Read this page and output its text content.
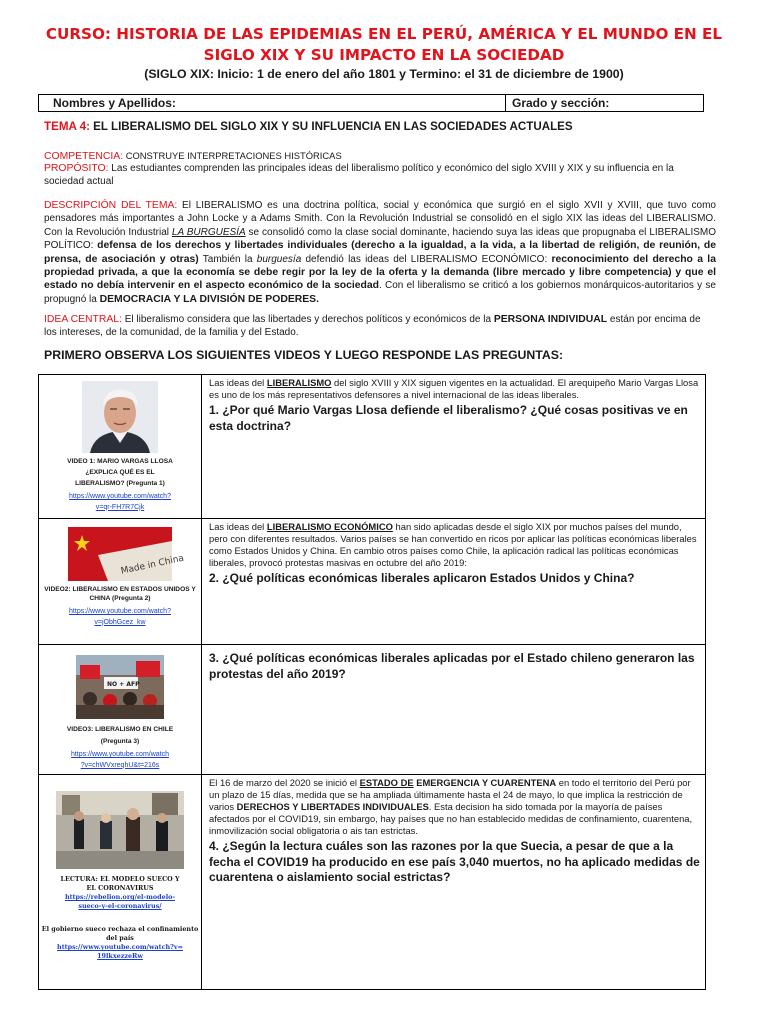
CURSO: HISTORIA DE LAS EPIDEMIAS EN EL PERÚ, AMÉRICA Y EL MUNDO EN EL SIGLO XIX Y SU IMPACTO EN LA SOCIEDAD
(SIGLO XIX: Inicio: 1 de enero del año 1801 y Termino: el 31 de diciembre de 1900)
Nombres y Apellidos:	Grado y sección:
TEMA 4: EL LIBERALISMO DEL SIGLO XIX Y SU INFLUENCIA EN LAS SOCIEDADES ACTUALES
COMPETENCIA: CONSTRUYE INTERPRETACIONES HISTÓRICAS
PROPÓSITO: Las estudiantes comprenden las principales ideas del liberalismo político y económico del siglo XVIII y XIX y su influencia en la sociedad actual
DESCRIPCIÓN DEL TEMA: El LIBERALISMO es una doctrina política, social y económica que surgió en el siglo XVII y XVIII, que tuvo como pensadores más importantes a John Locke y a Adams Smith. Con la Revolución Industrial se consolidó en el siglo XIX las ideas del LIBERALISMO. Con la Revolución Industrial LA BURGUESÍA se consolidó como la clase social dominante, haciendo suya las ideas que propugnaba el LIBERALISMO POLÍTICO: defensa de los derechos y libertades individuales (derecho a la igualdad, a la vida, a la libertad de religión, de reunión, de prensa, de asociación y otras) También la burguesía defendió las ideas del LIBERALISMO ECONÓMICO: reconocimiento del derecho a la propiedad privada, a que la economía se debe regir por la ley de la oferta y la demanda (libre mercado y libre competencia) y que el estado no debía intervenir en el aspecto económico de la sociedad. Con el liberalismo se criticó a los gobiernos monárquicos-autoritarios y se propugnó la DEMOCRACIA Y LA DIVISIÓN DE PODERES.
IDEA CENTRAL: El liberalismo considera que las libertades y derechos políticos y económicos de la PERSONA INDIVIDUAL están por encima de los intereses, de la comunidad, de la familia y del Estado.
PRIMERO OBSERVA LOS SIGUIENTES VIDEOS Y LUEGO RESPONDE LAS PREGUNTAS:
VIDEO 1: MARIO VARGAS LLOSA
¿EXPLICA QUÉ ES EL
LIBERALISMO? (Pregunta 1)
https://www.youtube.com/watch?
v=qr-FH7R7Cjk
Las ideas del LIBERALISMO del siglo XVIII y XIX siguen vigentes en la actualidad. El arequipeño Mario Vargas Llosa es uno de los más representativos defensores a nivel internacional de las ideas liberales.
1. ¿Por qué Mario Vargas Llosa defiende el liberalismo? ¿Qué cosas positivas ve en esta doctrina?
Made in China
VIDEO2: LIBERALISMO EN ESTADOS UNIDOS Y
CHINA (Pregunta 2)
https://www.youtube.com/watch?
v=jObhGcez_kw
Las ideas del LIBERALISMO ECONÓMICO han sido aplicadas desde el siglo XIX por muchos países del mundo, pero con diferentes resultados. Varios países se han convertido en ricos por aplicar las políticas económicas liberales como Estados Unidos y China. En cambio otros países como Chile, la aplicación radical las políticas económicas liberales, provocó protestas masivas en octubre del año 2019:
2. ¿Qué políticas económicas liberales aplicaron Estados Unidos y China?
NO + AFP
VIDEO3: LIBERALISMO EN CHILE
(Pregunta 3)
https://www.youtube.com/watch
?v=chWVxreqhU&t=216s
3. ¿Qué políticas económicas liberales aplicadas por el Estado chileno generaron las protestas del año 2019?
LECTURA: EL MODELO SUECO Y
EL CORONAVIRUS
https://rebelion.org/el-modelo-
sueco-y-el-coronavirus/
El gobierno sueco rechaza el confinamiento
del país
https://www.youtube.com/watch?v=
19lkxezzeRw
El 16 de marzo del 2020 se inició el ESTADO DE EMERGENCIA Y CUARENTENA en todo el territorio del Perú por un plazo de 15 días, medida que se ha ampliada últimamente hasta el 24 de mayo, lo que implica la restricción de varios DERECHOS Y LIBERTADES INDIVIDUALES. Esta decision ha sido tomada por la mayoría de países afectados por el COVID19, sin embargo, hay países que no han establecido medidas de confinamiento, cuarentena, inmovilización social obligatoria o ais tan estrictas.
4. ¿Según la lectura cuáles son las razones por la que Suecia, a pesar de que a la fecha el COVID19 ha producido en ese país 3,040 muertos, no ha aplicado medidas de cuarentena o aislamiento social estrictas?
